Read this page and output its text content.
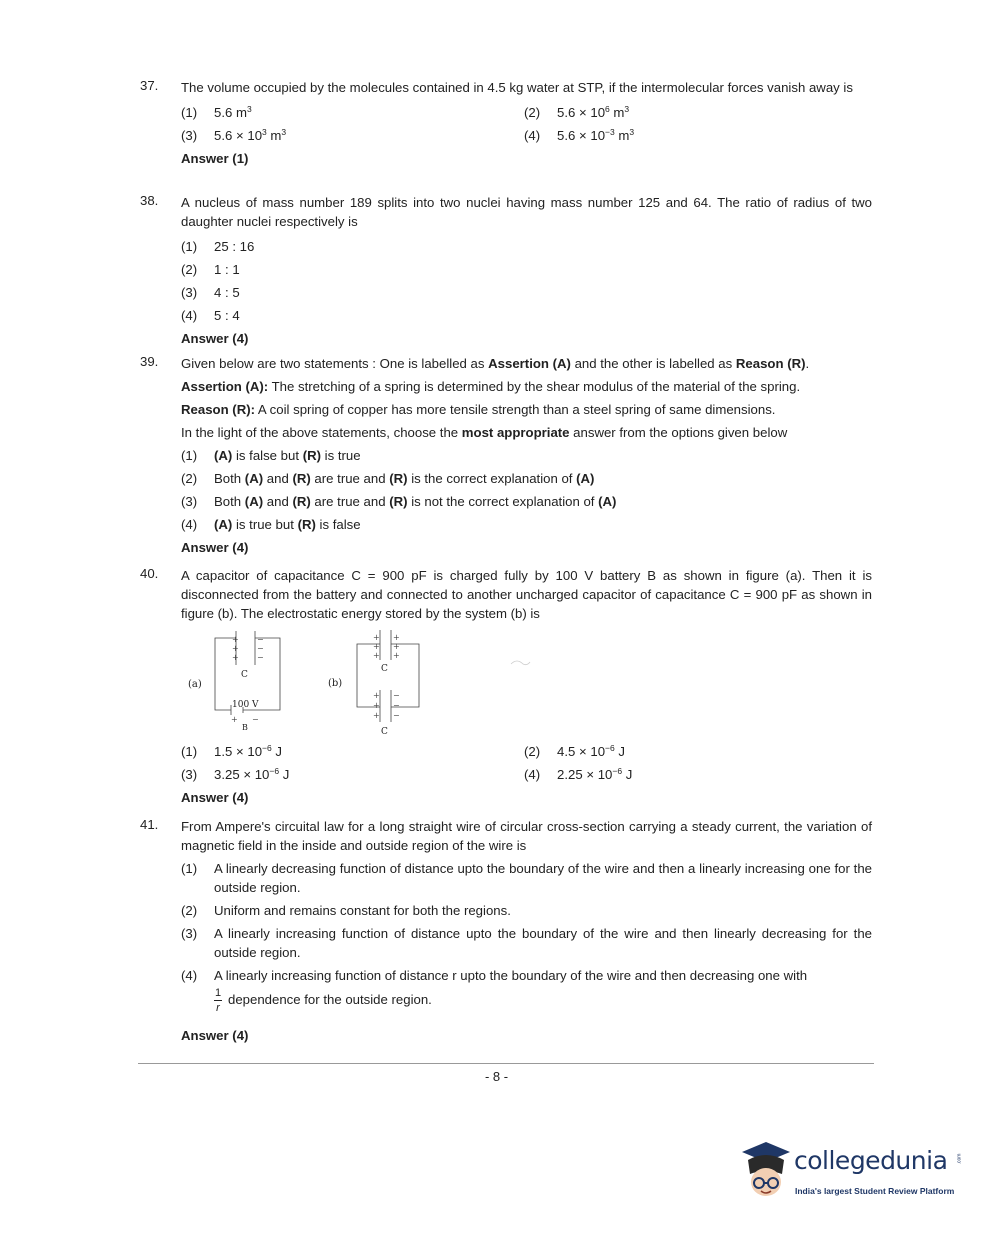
37. The volume occupied by the molecules contained in 4.5 kg water at STP, if the intermolecular forces vanish away is
(1)	5.6 $m^3$	(2)	$5.6 \times 10^6$ $m^3$
(3)	$5.6 \times 10^3$ $m^3$	(4)	$5.6 \times 10^{-3}$ $m^3$
Answer (1)
38. A nucleus of mass number 189 splits into two nuclei having mass number 125 and 64. The ratio of radius of two daughter nuclei respectively is
(1)	25 : 16
(2)	1 : 1
(3)	4 : 5
(4)	5 : 4
Answer (4)
39. Given below are two statements : One is labelled as Assertion (A) and the other is labelled as Reason (R).
Assertion (A): The stretching of a spring is determined by the shear modulus of the material of the spring.
Reason (R): A coil spring of copper has more tensile strength than a steel spring of same dimensions.
In the light of the above statements, choose the most appropriate answer from the options given below
(1)	(A) is false but (R) is true
(2)	Both (A) and (R) are true and (R) is the correct explanation of (A)
(3)	Both (A) and (R) are true and (R) is not the correct explanation of (A)
(4)	(A) is true but (R) is false
Answer (4)
40. A capacitor of capacitance C = 900 pF is charged fully by 100 V battery B as shown in figure (a). Then it is disconnected from the battery and connected to another uncharged capacitor of capacitance C = 900 pF as shown in figure (b). The electrostatic energy stored by the system (b) is
(a)
+
+
+
−
−
−
+ −
C
100 V
B
(b)
+
+
+
+
+
+
+
+
+
−
−
−
C
C
(1)	$1.5 \times 10^{-6}$ J	(2)	$4.5 \times 10^{-6}$ J
(3)	$3.25 \times 10^{-6}$ J	(4)	$2.25 \times 10^{-6}$ J
Answer (4)
41. From Ampere's circuital law for a long straight wire of circular cross-section carrying a steady current, the variation of magnetic field in the inside and outside region of the wire is
(1)	A linearly decreasing function of distance upto the boundary of the wire and then a linearly increasing one for the outside region.
(2)	Uniform and remains constant for both the regions.
(3)	A linearly increasing function of distance upto the boundary of the wire and then linearly decreasing for the outside region.
(4)	A linearly increasing function of distance r upto the boundary of the wire and then decreasing one with

$\frac{1}{r}$ dependence for the outside region.
Answer (4)
- 8 -
collegedunia .com
India's largest Student Review Platform
